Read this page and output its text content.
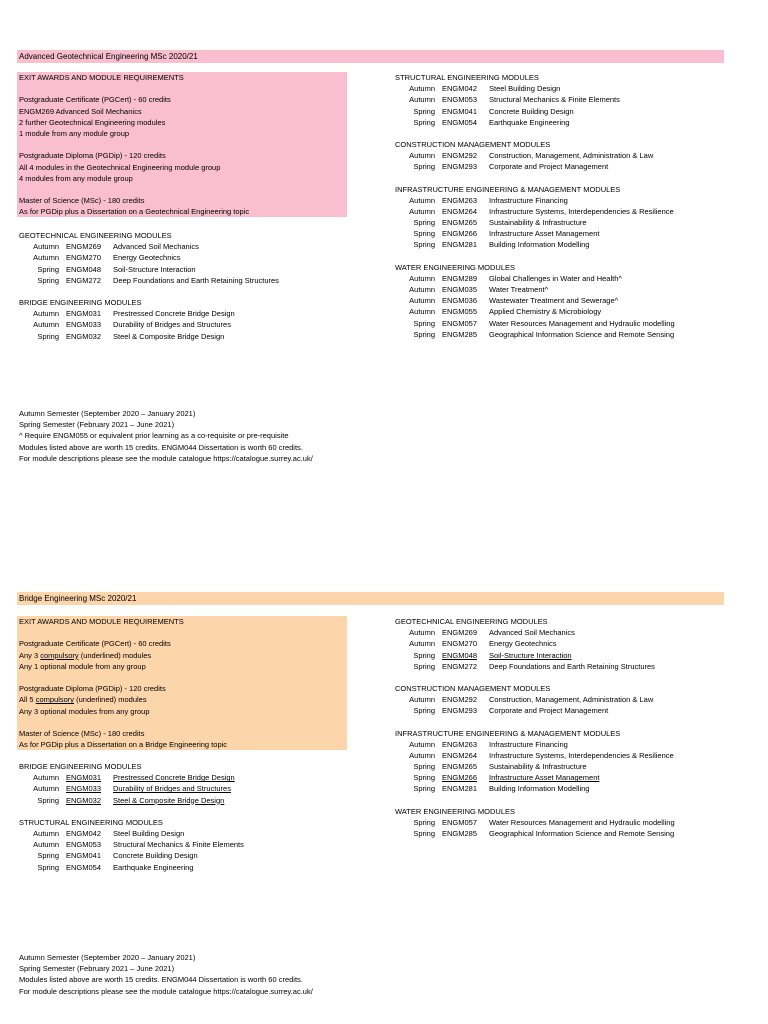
Advanced Geotechnical Engineering MSc 2020/21
EXIT AWARDS AND MODULE REQUIREMENTS
Postgraduate Certificate (PGCert) - 60 credits
ENGM269 Advanced Soil Mechanics
2 further Geotechnical Engineering modules
1 module from any module group
Postgraduate Diploma (PGDip) - 120 credits
All 4 modules in the Geotechnical Engineering module group
4 modules from any module group
Master of Science (MSc) - 180 credits
As for PGDip plus a Dissertation on a Geotechnical Engineering topic
GEOTECHNICAL ENGINEERING MODULES
Autumn ENGM269 Advanced Soil Mechanics
Autumn ENGM270 Energy Geotechnics
Spring ENGM048 Soil-Structure Interaction
Spring ENGM272 Deep Foundations and Earth Retaining Structures
BRIDGE ENGINEERING MODULES
Autumn ENGM031 Prestressed Concrete Bridge Design
Autumn ENGM033 Durability of Bridges and Structures
Spring ENGM032 Steel & Composite Bridge Design
STRUCTURAL ENGINEERING MODULES
Autumn ENGM042 Steel Building Design
Autumn ENGM053 Structural Mechanics & Finite Elements
Spring ENGM041 Concrete Building Design
Spring ENGM054 Earthquake Engineering
CONSTRUCTION MANAGEMENT MODULES
Autumn ENGM292 Construction, Management, Administration & Law
Spring ENGM293 Corporate and Project Management
INFRASTRUCTURE ENGINEERING & MANAGEMENT MODULES
Autumn ENGM263 Infrastructure Financing
Autumn ENGM264 Infrastructure Systems, Interdependencies & Resilience
Spring ENGM265 Sustainability & Infrastructure
Spring ENGM266 Infrastructure Asset Management
Spring ENGM281 Building Information Modelling
WATER ENGINEERING MODULES
Autumn ENGM289 Global Challenges in Water and Health^
Autumn ENGM035 Water Treatment^
Autumn ENGM036 Wastewater Treatment and Sewerage^
Autumn ENGM055 Applied Chemistry & Microbiology
Spring ENGM057 Water Resources Management and Hydraulic modelling
Spring ENGM285 Geographical Information Science and Remote Sensing
Autumn Semester (September 2020 – January 2021)
Spring Semester (February 2021 – June 2021)
^ Require ENGM055 or equivalent prior learning as a co-requisite or pre-requisite
Modules listed above are worth 15 credits. ENGM044 Dissertation is worth 60 credits.
For module descriptions please see the module catalogue https://catalogue.surrey.ac.uk/
Bridge Engineering MSc 2020/21
EXIT AWARDS AND MODULE REQUIREMENTS
Postgraduate Certificate (PGCert) - 60 credits
Any 3 compulsory (underlined) modules
Any 1 optional module from any group
Postgraduate Diploma (PGDip) - 120 credits
All 5 compulsory (underlined) modules
Any 3 optional modules from any group
Master of Science (MSc) - 180 credits
As for PGDip plus a Dissertation on a Bridge Engineering topic
BRIDGE ENGINEERING MODULES
Autumn ENGM031 Prestressed Concrete Bridge Design
Autumn ENGM033 Durability of Bridges and Structures
Spring ENGM032 Steel & Composite Bridge Design
STRUCTURAL ENGINEERING MODULES
Autumn ENGM042 Steel Building Design
Autumn ENGM053 Structural Mechanics & Finite Elements
Spring ENGM041 Concrete Building Design
Spring ENGM054 Earthquake Engineering
GEOTECHNICAL ENGINEERING MODULES
Autumn ENGM269 Advanced Soil Mechanics
Autumn ENGM270 Energy Geotechnics
Spring ENGM048 Soil-Structure Interaction
Spring ENGM272 Deep Foundations and Earth Retaining Structures
CONSTRUCTION MANAGEMENT MODULES
Autumn ENGM292 Construction, Management, Administration & Law
Spring ENGM293 Corporate and Project Management
INFRASTRUCTURE ENGINEERING & MANAGEMENT MODULES
Autumn ENGM263 Infrastructure Financing
Autumn ENGM264 Infrastructure Systems, Interdependencies & Resilience
Spring ENGM265 Sustainability & Infrastructure
Spring ENGM266 Infrastructure Asset Management
Spring ENGM281 Building Information Modelling
WATER ENGINEERING MODULES
Spring ENGM057 Water Resources Management and Hydraulic modelling
Spring ENGM285 Geographical Information Science and Remote Sensing
Autumn Semester (September 2020 – January 2021)
Spring Semester (February 2021 – June 2021)
Modules listed above are worth 15 credits. ENGM044 Dissertation is worth 60 credits.
For module descriptions please see the module catalogue https://catalogue.surrey.ac.uk/
